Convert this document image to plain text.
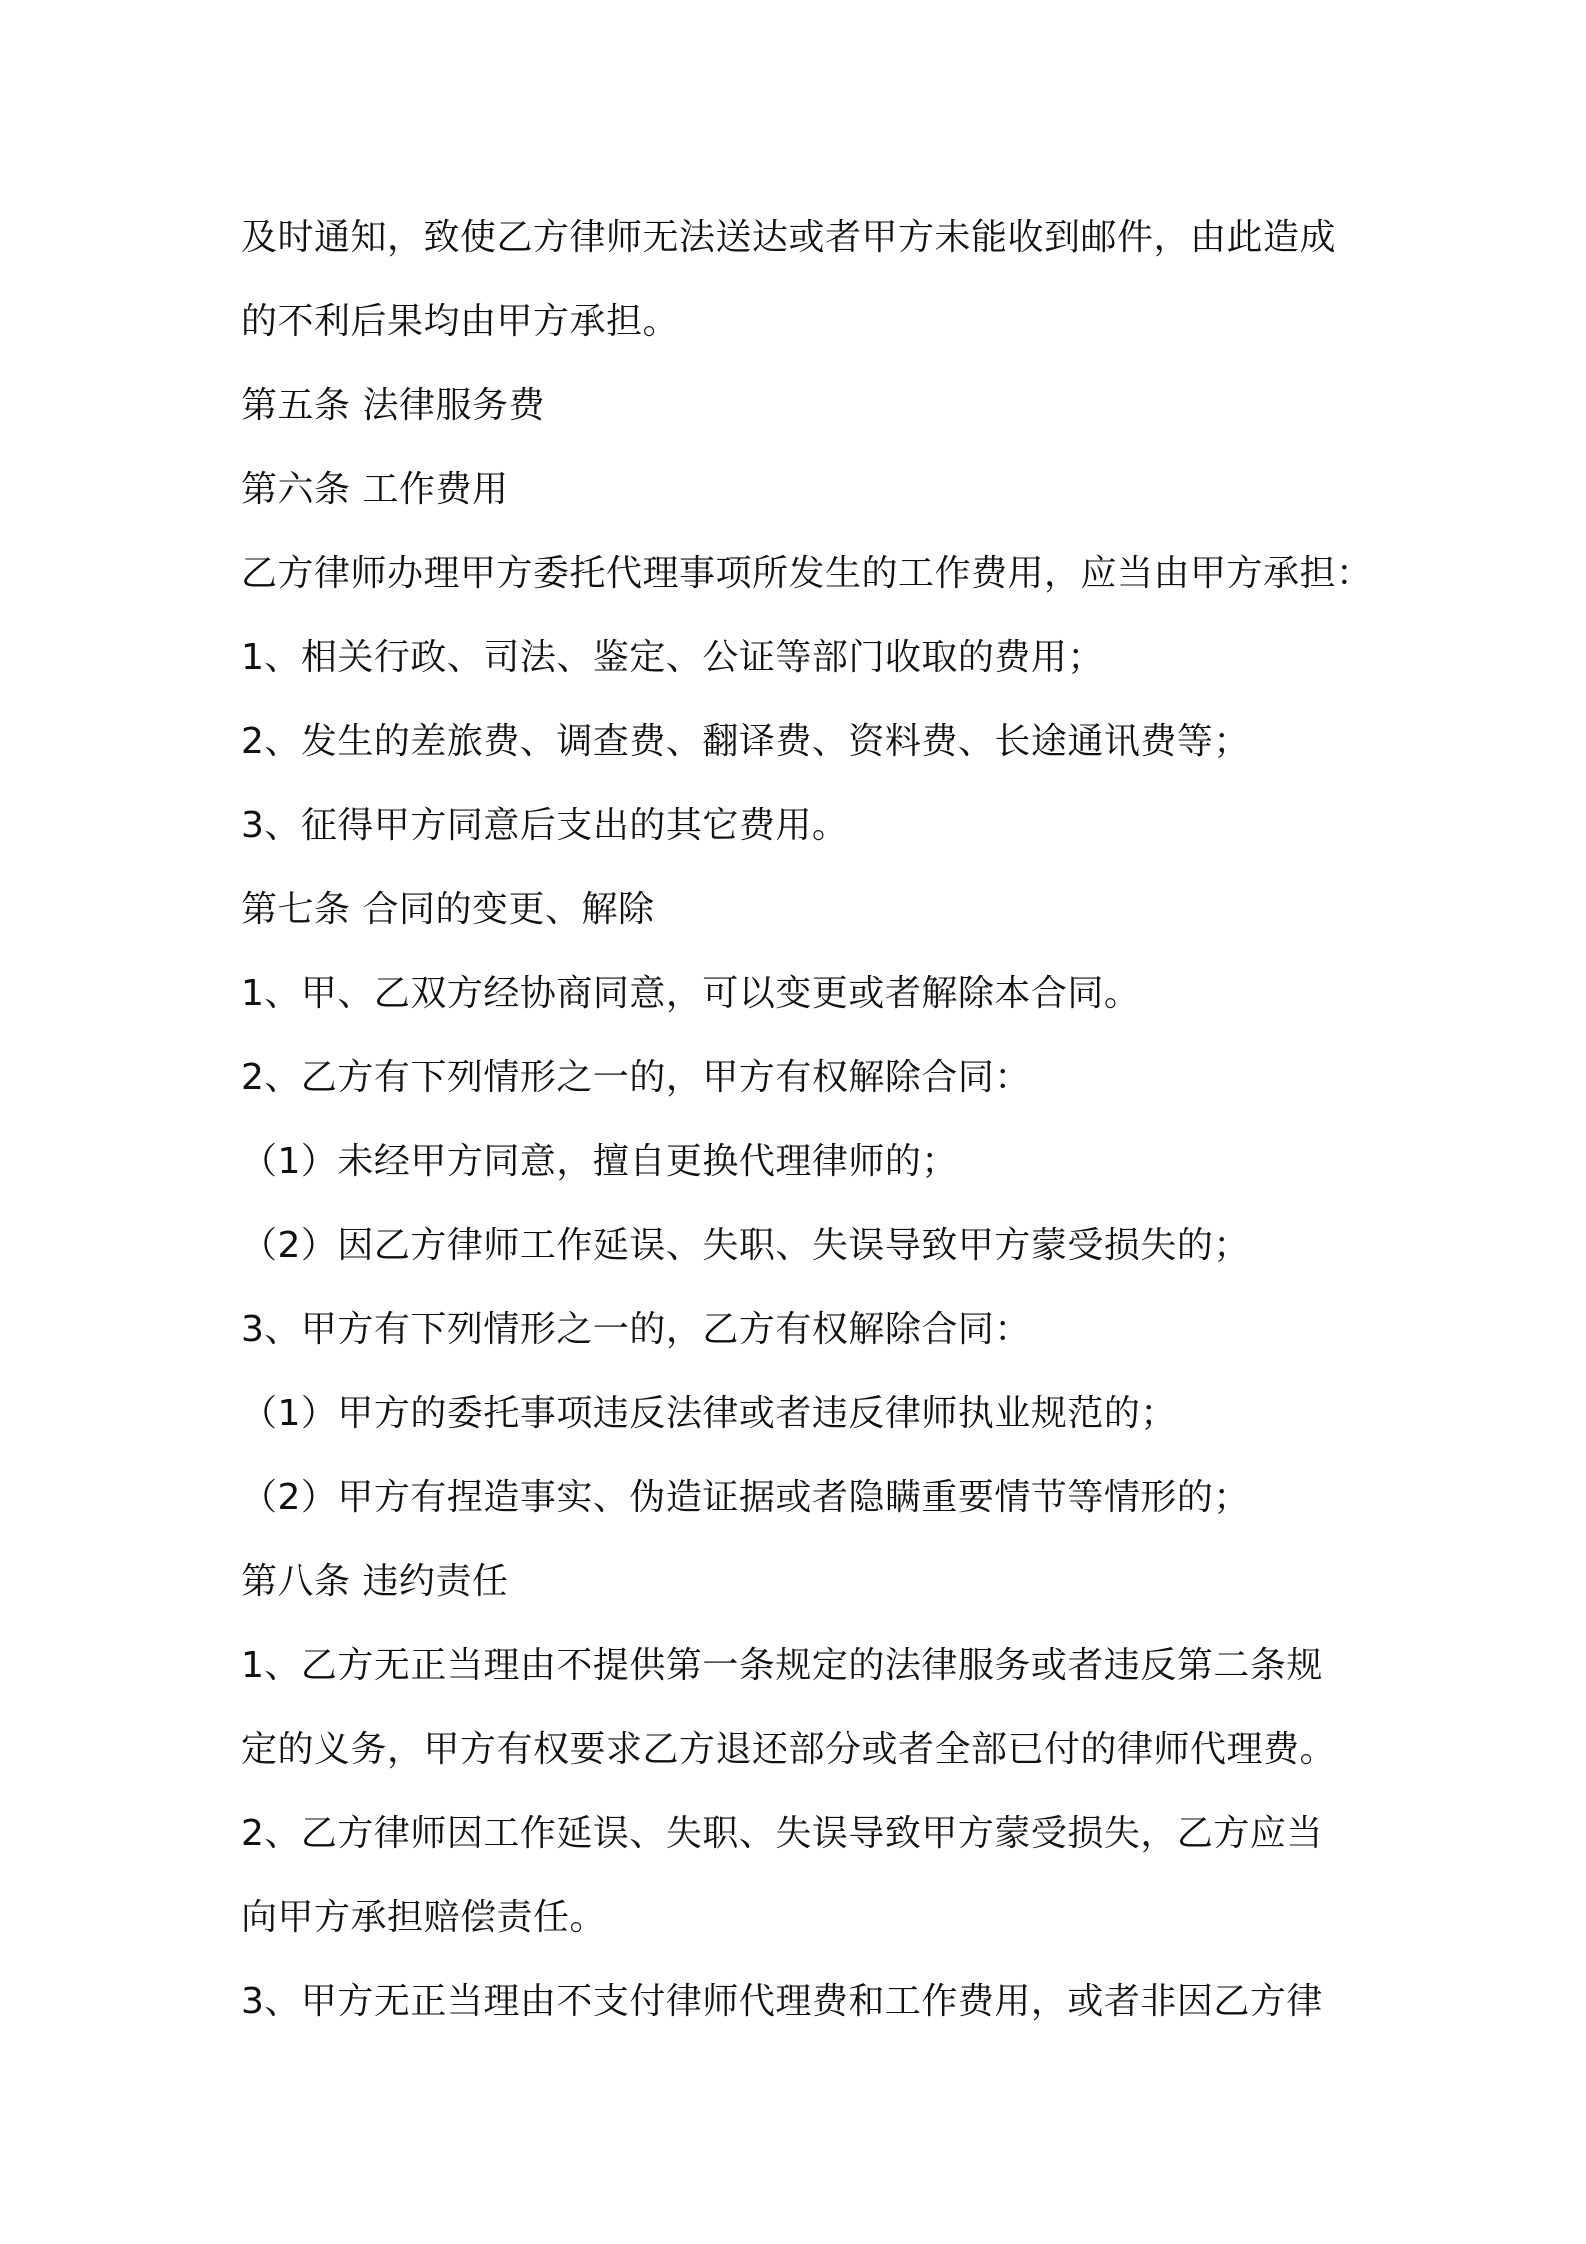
及时通知，致使乙方律师无法送达或者甲方未能收到邮件，由此造成
的不利后果均由甲方承担。
第五条 法律服务费
第六条 工作费用
乙方律师办理甲方委托代理事项所发生的工作费用，应当由甲方承担：
1、相关行政、司法、鉴定、公证等部门收取的费用；
2、发生的差旅费、调查费、翻译费、资料费、长途通讯费等；
3、征得甲方同意后支出的其它费用。
第七条 合同的变更、解除
1、甲、乙双方经协商同意，可以变更或者解除本合同。
2、乙方有下列情形之一的，甲方有权解除合同：
（1）未经甲方同意，擅自更换代理律师的；
（2）因乙方律师工作延误、失职、失误导致甲方蒙受损失的；
3、甲方有下列情形之一的，乙方有权解除合同：
（1）甲方的委托事项违反法律或者违反律师执业规范的；
（2）甲方有捏造事实、伪造证据或者隐瞒重要情节等情形的；
第八条 违约责任
1、乙方无正当理由不提供第一条规定的法律服务或者违反第二条规
定的义务，甲方有权要求乙方退还部分或者全部已付的律师代理费。
2、乙方律师因工作延误、失职、失误导致甲方蒙受损失，乙方应当
向甲方承担赔偿责任。
3、甲方无正当理由不支付律师代理费和工作费用，或者非因乙方律
